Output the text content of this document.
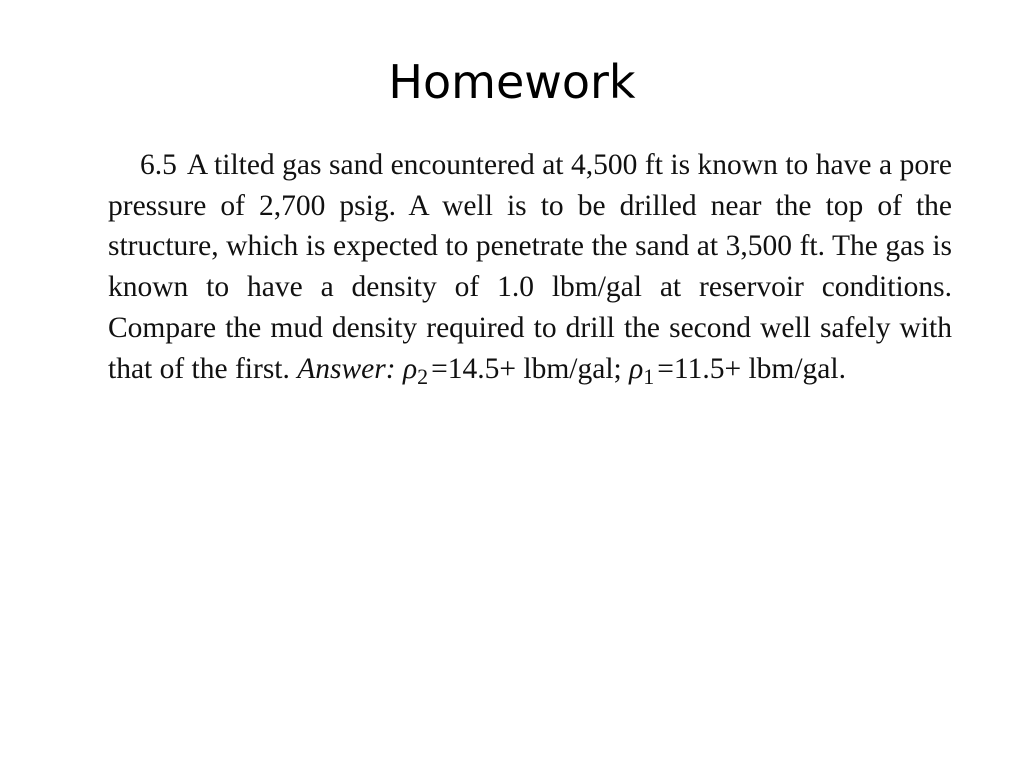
Homework

6.5 A tilted gas sand encountered at 4,500 ft is known to have a pore pressure of 2,700 psig. A well is to be drilled near the top of the structure, which is expected to penetrate the sand at 3,500 ft. The gas is known to have a density of 1.0 lbm/gal at reservoir conditions. Compare the mud density required to drill the second well safely with that of the first. Answer: $\rho_2 =14.5+ lbm/gal$; $\rho_1 =11.5+ lbm/gal$.
